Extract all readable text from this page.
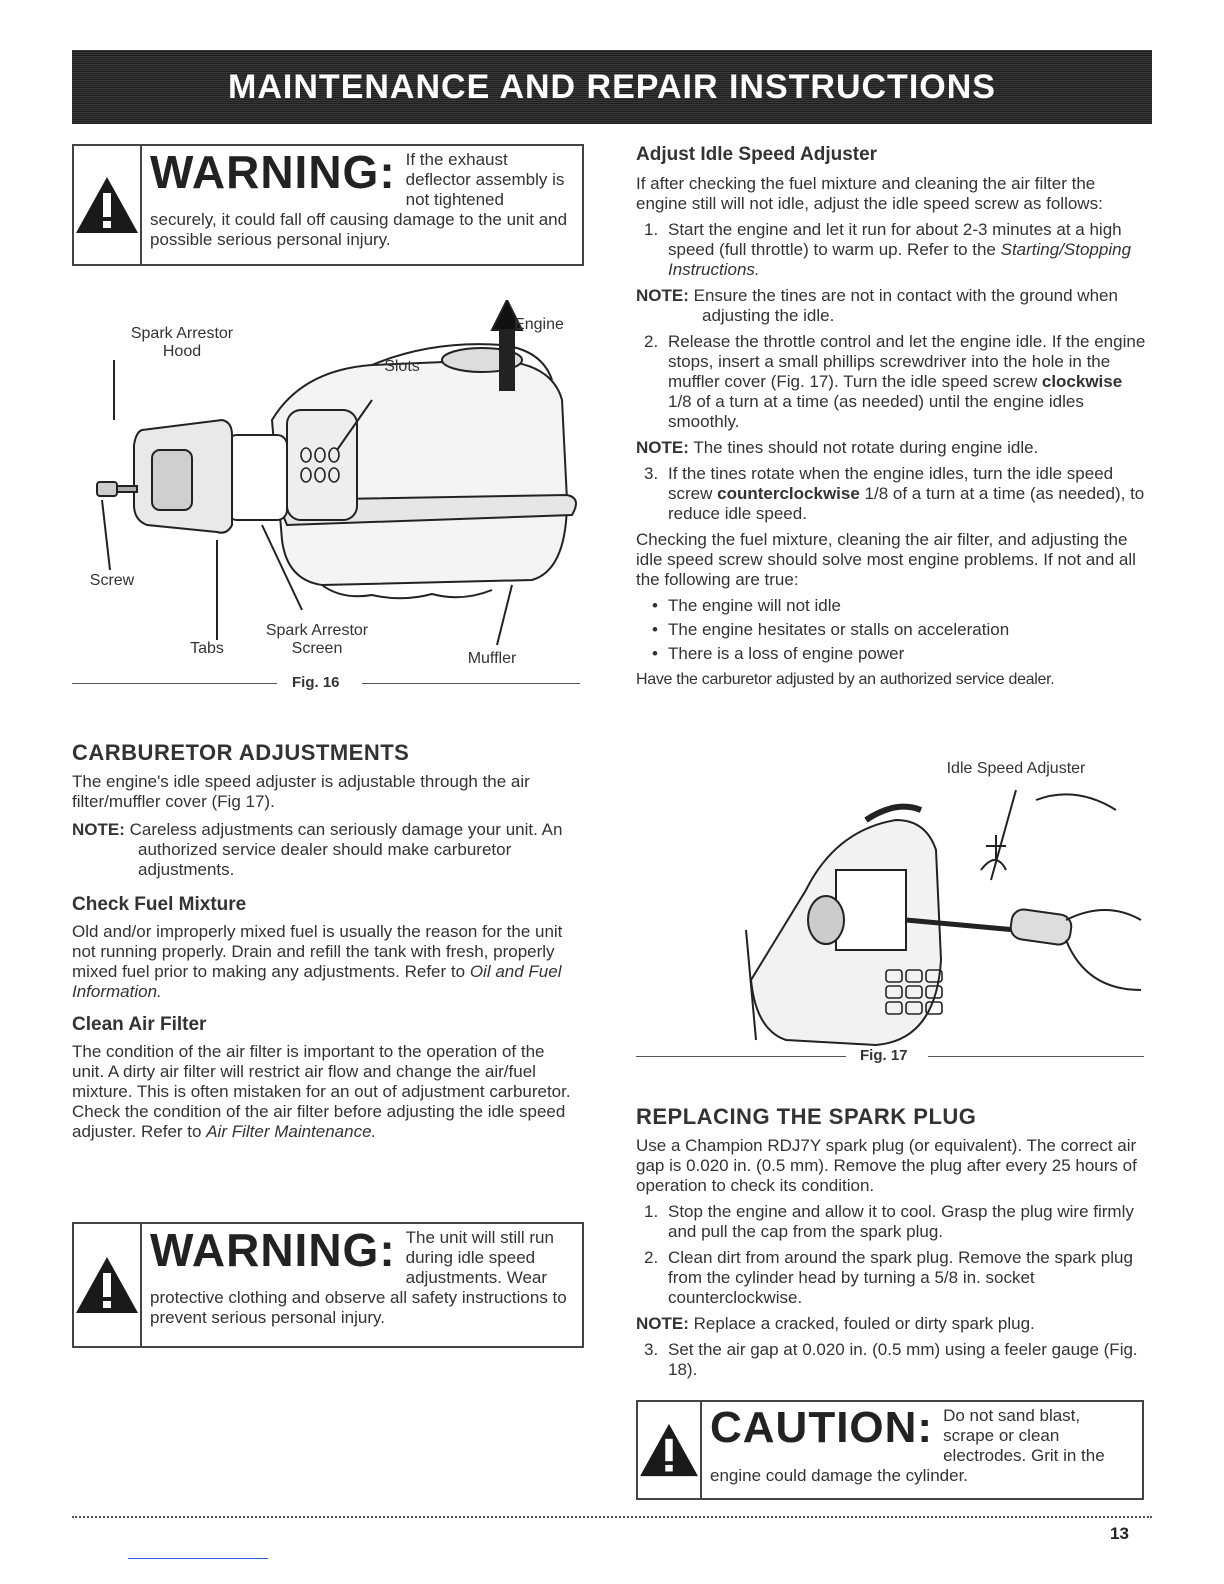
MAINTENANCE AND REPAIR INSTRUCTIONS
WARNING: If the exhaust deflector assembly is not tightened securely, it could fall off causing damage to the unit and possible serious personal injury.
Spark Arrestor Hood
Engine
Slots
Screw
Tabs
Spark Arrestor Screen
Muffler
Fig. 16
CARBURETOR ADJUSTMENTS

The engine's idle speed adjuster is adjustable through the air filter/muffler cover (Fig 17).

NOTE: Careless adjustments can seriously damage your unit. An authorized service dealer should make carburetor adjustments.
Check Fuel Mixture

Old and/or improperly mixed fuel is usually the reason for the unit not running properly. Drain and refill the tank with fresh, properly mixed fuel prior to making any adjustments. Refer to Oil and Fuel Information.

Clean Air Filter

The condition of the air filter is important to the operation of the unit. A dirty air filter will restrict air flow and change the air/fuel mixture. This is often mistaken for an out of adjustment carburetor. Check the condition of the air filter before adjusting the idle speed adjuster. Refer to Air Filter Maintenance.

WARNING: The unit will still run during idle speed adjustments. Wear protective clothing and observe all safety instructions to prevent serious personal injury.
Adjust Idle Speed Adjuster

If after checking the fuel mixture and cleaning the air filter the engine still will not idle, adjust the idle speed screw as follows:

1. Start the engine and let it run for about 2-3 minutes at a high speed (full throttle) to warm up. Refer to the Starting/Stopping Instructions.
NOTE: Ensure the tines are not in contact with the ground when adjusting the idle.
2. Release the throttle control and let the engine idle. If the engine stops, insert a small phillips screwdriver into the hole in the muffler cover (Fig. 17). Turn the idle speed screw clockwise 1/8 of a turn at a time (as needed) until the engine idles smoothly.
NOTE: The tines should not rotate during engine idle.
3. If the tines rotate when the engine idles, turn the idle speed screw counterclockwise 1/8 of a turn at a time (as needed), to reduce idle speed.

Checking the fuel mixture, cleaning the air filter, and adjusting the idle speed screw should solve most engine problems. If not and all the following are true:

• The engine will not idle
• The engine hesitates or stalls on acceleration
• There is a loss of engine power

Have the carburetor adjusted by an authorized service dealer.

Idle Speed Adjuster
Fig. 17
REPLACING THE SPARK PLUG

Use a Champion RDJ7Y spark plug (or equivalent). The correct air gap is 0.020 in. (0.5 mm). Remove the plug after every 25 hours of operation to check its condition.

1. Stop the engine and allow it to cool. Grasp the plug wire firmly and pull the cap from the spark plug.
2. Clean dirt from around the spark plug. Remove the spark plug from the cylinder head by turning a 5/8 in. socket counterclockwise.
NOTE: Replace a cracked, fouled or dirty spark plug.
3. Set the air gap at 0.020 in. (0.5 mm) using a feeler gauge (Fig. 18).
CAUTION: Do not sand blast, scrape or clean electrodes. Grit in the engine could damage the cylinder.
13
